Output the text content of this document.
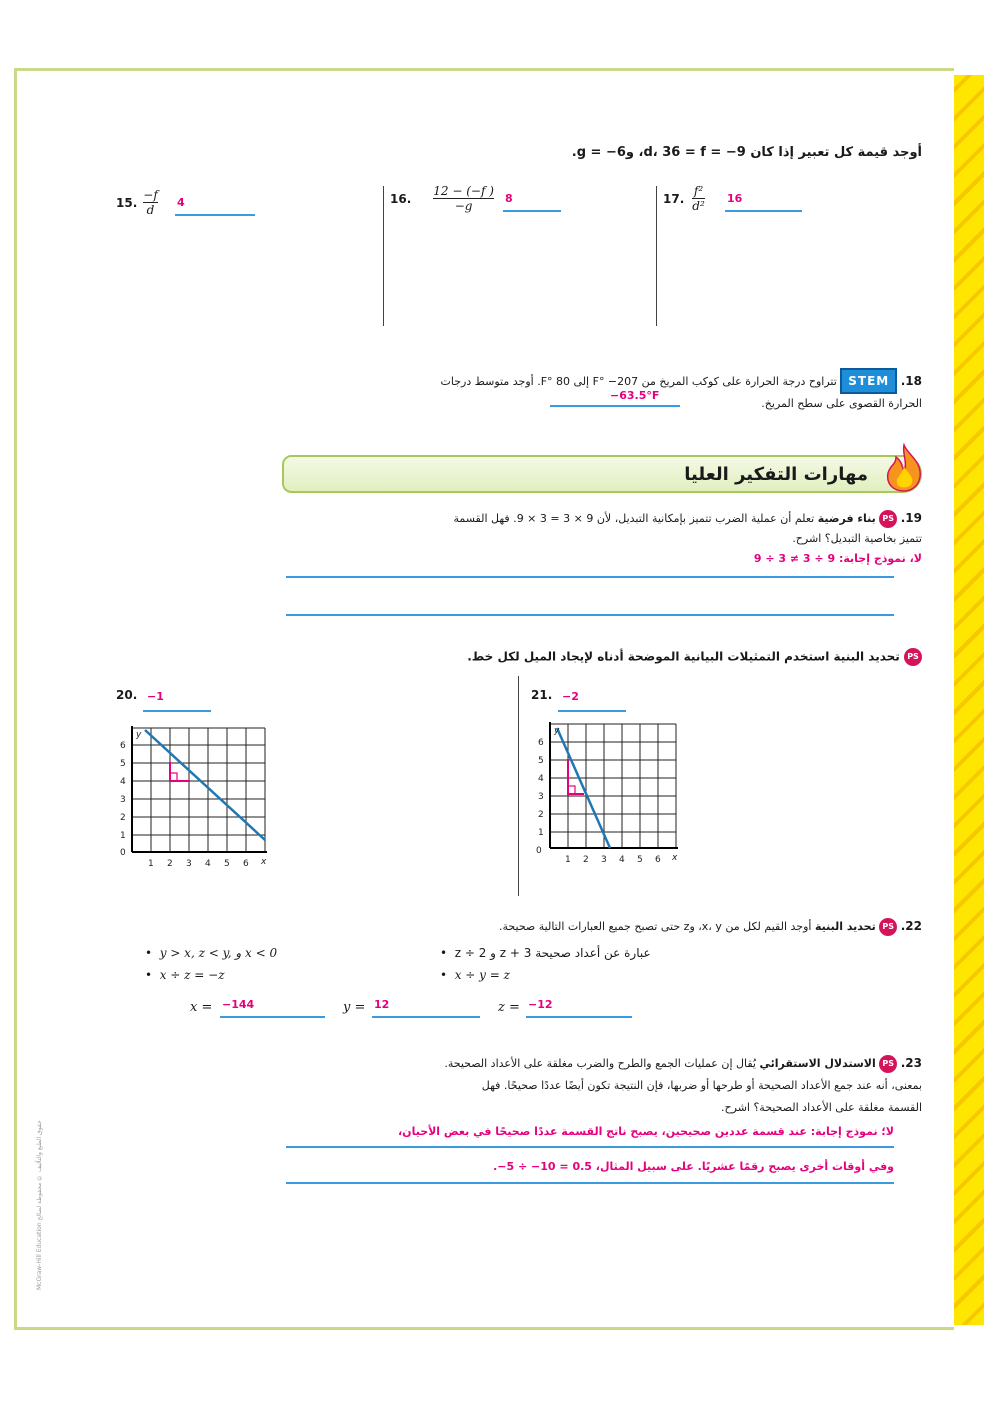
McGraw-Hill Education حقوق الطبع والتأليف © محفوظة لصالح
أوجد قيمة كل تعبير إذا كان 9− = d، 36 = f، و6− = g.
15. $\frac{-f}{d} 4$	16. $\frac{12 - (-f )}{-g} 8$	17. $\frac{\text{f²}}{\text{d²}} 16$
18. STEM تتراوح درجة الحرارة على كوكب المريخ من 207− °F إلى 80 °F. أوجد متوسط درجات
الحرارة القصوى على سطح المريخ.
−63.5°F
مهارات التفكير العليا
19. PS بناء فرضية تعلم أن عملية الضرب تتميز بإمكانية التبديل، لأن 9 × 3 = 3 × 9. فهل القسمة
تتميز بخاصية التبديل؟ اشرح.
لا، نموذج إجابة: 9 ÷ 3 ≠ 3 ÷ 9
PS تحديد البنية استخدم التمثيلات البيانية الموضحة أدناه لإيجاد الميل لكل خط.
20. −1
0
1
2
3
4
5
6
1 2 3 4 5 6 x
y
21. −2
0
1
2
3
4
5
6
1 2 3 4 5 6 x
y
22. PS تحديد البنية أوجد القيم لكل من x، y، وz حتى تصبح جميع العبارات التالية صحيحة.
•  y > x, z < y, و x < 0
•  x ÷ z = −z
•  z ÷ 2 و z + 3 عبارة عن أعداد صحيحة
•  x ÷ y = z
x = −144	y = 12	z = −12
23. PS الاستدلال الاستقرائي يُقال إن عمليات الجمع والطرح والضرب مغلقة على الأعداد الصحيحة.
بمعنى، أنه عند جمع الأعداد الصحيحة أو طرحها أو ضربها، فإن النتيجة تكون أيضًا عددًا صحيحًا. فهل
القسمة مغلقة على الأعداد الصحيحة؟ اشرح.
لا؛ نموذج إجابة: عند قسمة عددين صحيحين، يصبح ناتج القسمة عددًا صحيحًا في بعض الأحيان،
وفي أوقات أخرى يصبح رقمًا عشريًا. على سبيل المثال، 0.5 = 10− ÷ 5−.
